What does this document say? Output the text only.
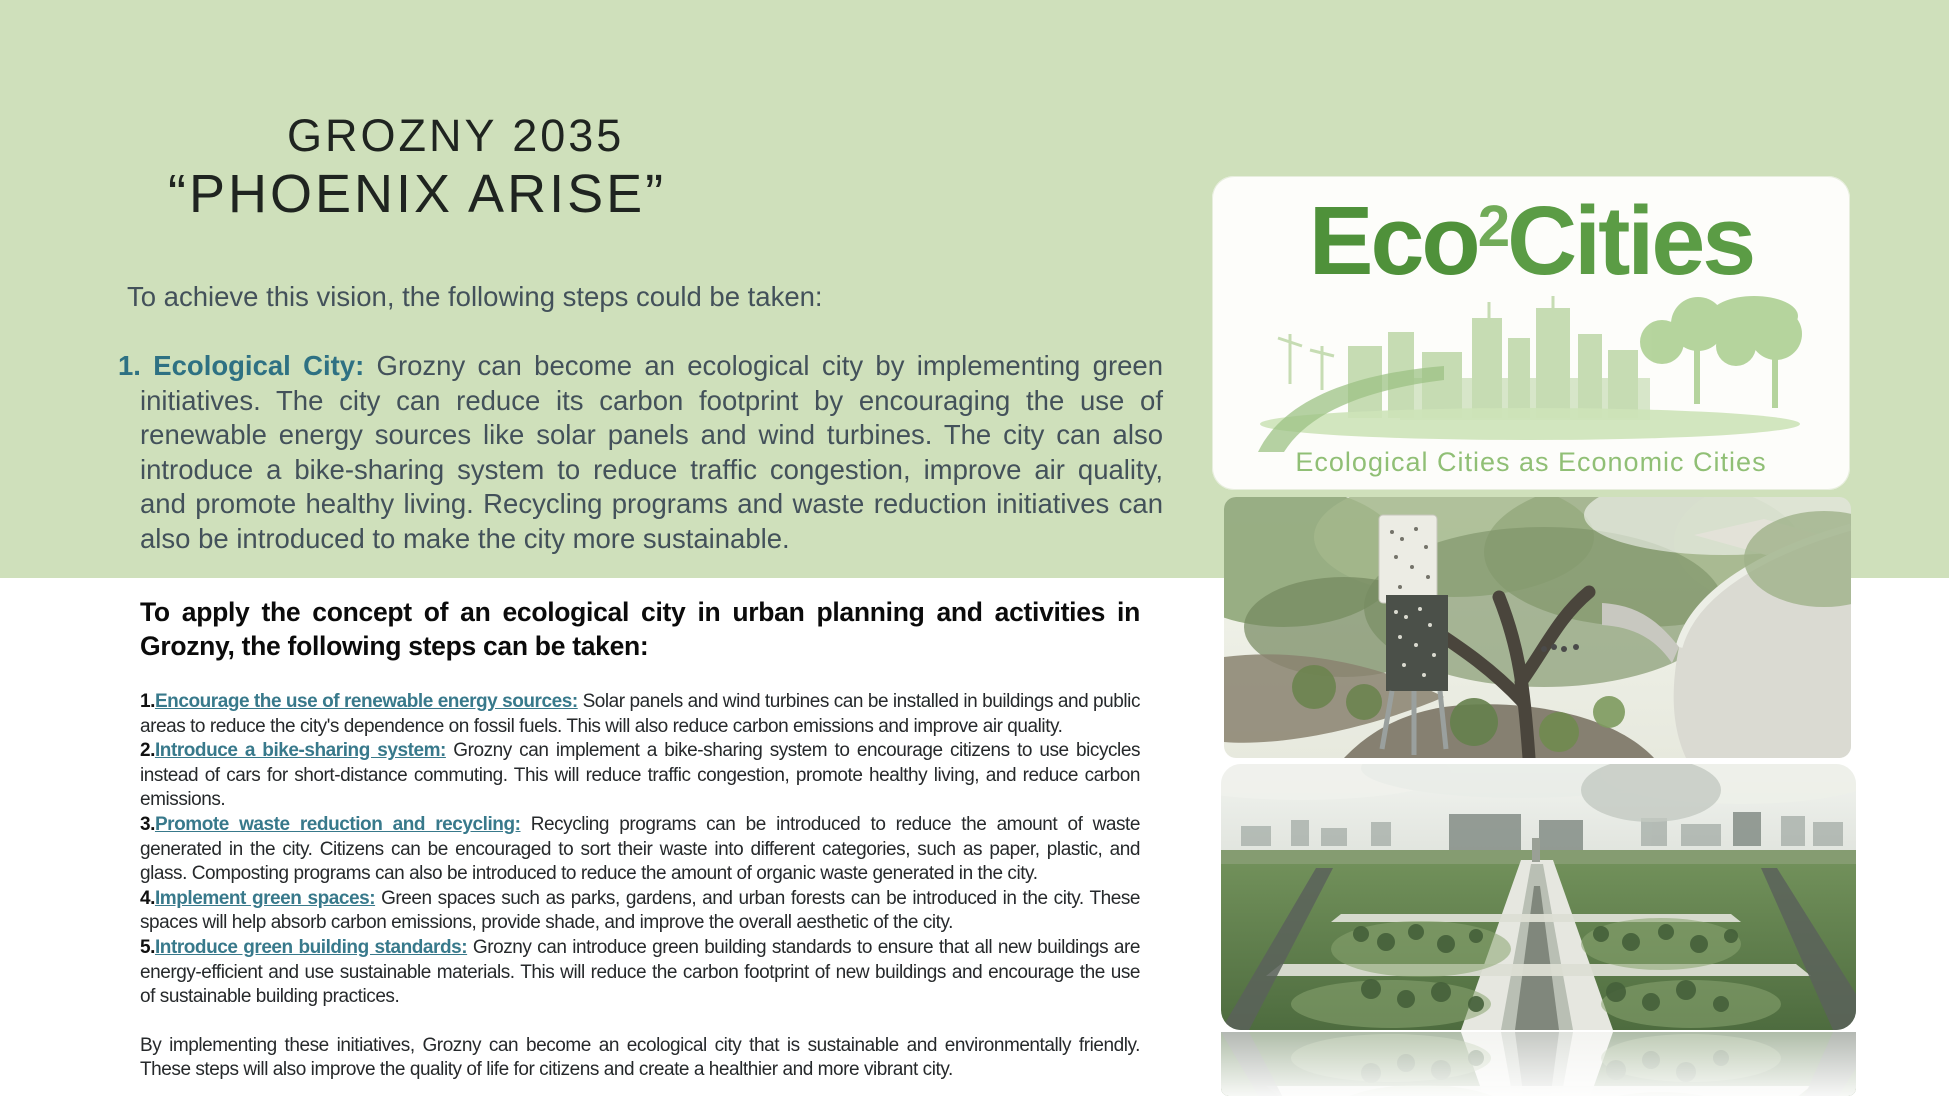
GROZNY 2035
“PHOENIX ARISE”
To achieve this vision, the following steps could be taken:
1. Ecological City: Grozny can become an ecological city by implementing green initiatives. The city can reduce its carbon footprint by encouraging the use of renewable energy sources like solar panels and wind turbines. The city can also introduce a bike-sharing system to reduce traffic congestion, improve air quality, and promote healthy living. Recycling programs and waste reduction initiatives can also be introduced to make the city more sustainable.
To apply the concept of an ecological city in urban planning and activities in Grozny, the following steps can be taken:
1.Encourage the use of renewable energy sources: Solar panels and wind turbines can be installed in buildings and public areas to reduce the city's dependence on fossil fuels. This will also reduce carbon emissions and improve air quality.
2.Introduce a bike-sharing system: Grozny can implement a bike-sharing system to encourage citizens to use bicycles instead of cars for short-distance commuting. This will reduce traffic congestion, promote healthy living, and reduce carbon emissions.
3.Promote waste reduction and recycling: Recycling programs can be introduced to reduce the amount of waste generated in the city. Citizens can be encouraged to sort their waste into different categories, such as paper, plastic, and glass. Composting programs can also be introduced to reduce the amount of organic waste generated in the city.
4.Implement green spaces: Green spaces such as parks, gardens, and urban forests can be introduced in the city. These spaces will help absorb carbon emissions, provide shade, and improve the overall aesthetic of the city.
5.Introduce green building standards: Grozny can introduce green building standards to ensure that all new buildings are energy-efficient and use sustainable materials. This will reduce the carbon footprint of new buildings and encourage the use of sustainable building practices.
By implementing these initiatives, Grozny can become an ecological city that is sustainable and environmentally friendly. These steps will also improve the quality of life for citizens and create a healthier and more vibrant city.
Eco$^2$Cities
Ecological Cities as Economic Cities
